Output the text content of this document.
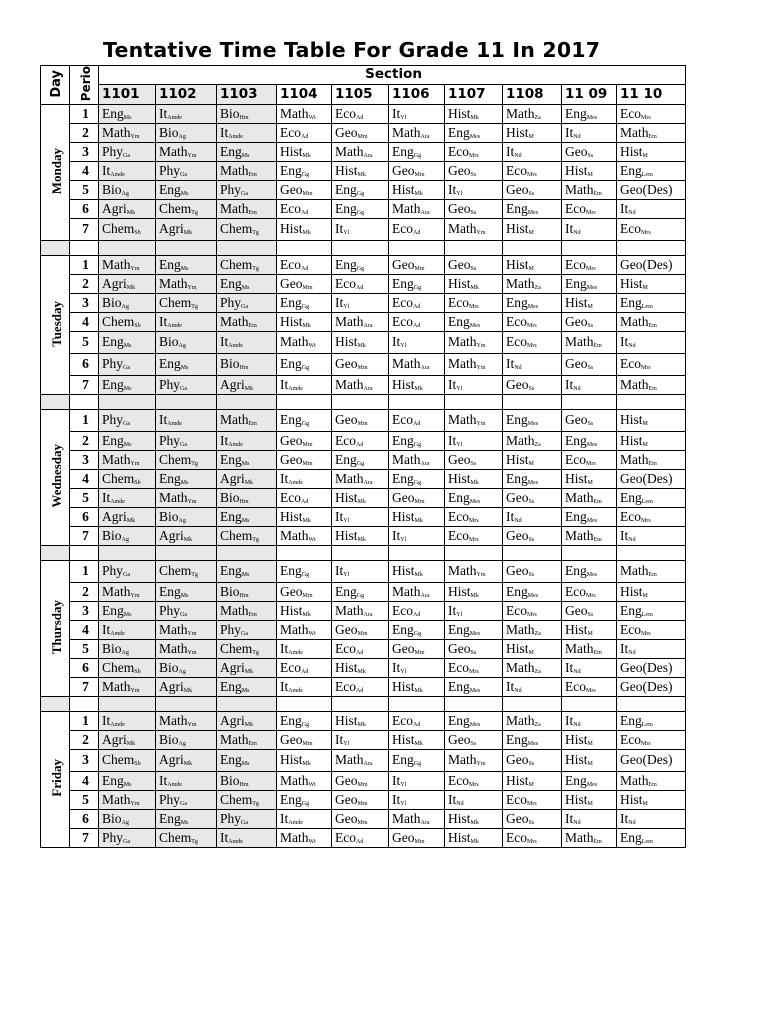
Tentative Time Table For Grade 11 In 2017
Day	Perio	Section									
		1101	1102	1103	1104	1105	1106	1107	1108	11 09	11 10
Monday	1	Eng$_{Ms}$	$It_{Amde}$	Bio$_{Hm}$	Math$_{Wt}$	Eco$_{Ad}$	$It_{Yl}$	Hist$_{Mk}$	Math$_{Za}$	Eng$_{Mes}$	Eco$_{Mrs}$
	2	Math$_{Ym}$	Bio$_{Ag}$	$It_{Amde}$	Eco$_{Ad}$	Geo$_{Mm}$	Math$_{Ara}$	Eng$_{Mes}$	Hist$_M$	$It_{Nd}$	Math$_{Em}$
	3	Phy$_{Ga}$	Math$_{Ym}$	Eng$_{Ms}$	Hist$_{Mk}$	Math$_{Ara}$	Eng$_{Gg}$	Eco$_{Mrs}$	$It_{Nd}$	Geo$_{Ss}$	Hist$_M$
	4	$It_{Amde}$	Phy$_{Ga}$	Math$_{Em}$	Eng$_{Gg}$	Hist$_{Mk}$	Geo$_{Mm}$	Geo$_{Ss}$	Eco$_{Mrs}$	Hist$_M$	Eng$_{Lem}$
	5	Bio$_{Ag}$	Eng$_{Ms}$	Phy$_{Ga}$	Geo$_{Mm}$	Eng$_{Gg}$	Hist$_{Mk}$	$It_{Yl}$	Geo$_{Ss}$	Math$_{Em}$	Geo(Des)
	6	Agri$_{Mk}$	Chem$_{Tg}$	Math$_{Em}$	Eco$_{Ad}$	Eng$_{Gg}$	Math$_{Ara}$	Geo$_{Ss}$	Eng$_{Mes}$	Eco$_{Mrs}$	$It_{Nd}$
	7	Chem$_{Sb}$	Agri$_{Mk}$	Chem$_{Tg}$	Hist$_{Mk}$	$It_{Yl}$	Eco$_{Ad}$	Math$_{Ym}$	Hist$_M$	$It_{Nd}$	Eco$_{Mrs}$

Tuesday	1	Math$_{Ym}$	Eng$_{Ms}$	Chem$_{Tg}$	Eco$_{Ad}$	Eng$_{Gg}$	Geo$_{Mm}$	Geo$_{Ss}$	Hist$_M$	Eco$_{Mrs}$	Geo(Des)
	2	Agri$_{Mk}$	Math$_{Ym}$	Eng$_{Ms}$	Geo$_{Mm}$	Eco$_{Ad}$	Eng$_{Gg}$	Hist$_{Mk}$	Math$_{Za}$	Eng$_{Mes}$	Hist$_M$
	3	Bio$_{Ag}$	Chem$_{Tg}$	Phy$_{Ga}$	Eng$_{Gg}$	$It_{Yl}$	Eco$_{Ad}$	Eco$_{Mrs}$	Eng$_{Mes}$	Hist$_M$	Eng$_{Lem}$
	4	Chem$_{Sb}$	$It_{Amde}$	Math$_{Em}$	Hist$_{Mk}$	Math$_{Ara}$	Eco$_{Ad}$	Eng$_{Mes}$	Eco$_{Mrs}$	Geo$_{Ss}$	Math$_{Em}$
	5	Eng$_{Ms}$	Bio$_{Ag}$	$It_{Amde}$	Math$_{Wt}$	Hist$_{Mk}$	$It_{Yl}$	Math$_{Ym}$	Eco$_{Mrs}$	Math$_{Em}$	$It_{Nd}$
	6	Phy$_{Ga}$	Eng$_{Ms}$	Bio$_{Hm}$	Eng$_{Gg}$	Geo$_{Mm}$	Math$_{Ara}$	Math$_{Ym}$	$It_{Nd}$	Geo$_{Ss}$	Eco$_{Mrs}$
	7	Eng$_{Ms}$	Phy$_{Ga}$	Agri$_{Mk}$	$It_{Amde}$	Math$_{Ara}$	Hist$_{Mk}$	$It_{Yl}$	Geo$_{Ss}$	$It_{Nd}$	Math$_{Em}$

Wednesday	1	Phy$_{Ga}$	$It_{Amde}$	Math$_{Em}$	Eng$_{Gg}$	Geo$_{Mm}$	Eco$_{Ad}$	Math$_{Ym}$	Eng$_{Mes}$	Geo$_{Ss}$	Hist$_M$
	2	Eng$_{Ms}$	Phy$_{Ga}$	$It_{Amde}$	Geo$_{Mm}$	Eco$_{Ad}$	Eng$_{Gg}$	$It_{Yl}$	Math$_{Za}$	Eng$_{Mes}$	Hist$_M$
	3	Math$_{Ym}$	Chem$_{Tg}$	Eng$_{Ms}$	Geo$_{Mm}$	Eng$_{Gg}$	Math$_{Ara}$	Geo$_{Ss}$	Hist$_M$	Eco$_{Mrs}$	Math$_{Em}$
	4	Chem$_{Sb}$	Eng$_{Ms}$	Agri$_{Mk}$	$It_{Amde}$	Math$_{Ara}$	Eng$_{Gg}$	Hist$_{Mk}$	Eng$_{Mes}$	Hist$_M$	Geo(Des)
	5	$It_{Amde}$	Math$_{Ym}$	Bio$_{Hm}$	Eco$_{Ad}$	Hist$_{Mk}$	Geo$_{Mm}$	Eng$_{Mes}$	Geo$_{Ss}$	Math$_{Em}$	Eng$_{Lem}$
	6	Agri$_{Mk}$	Bio$_{Ag}$	Eng$_{Ms}$	Hist$_{Mk}$	$It_{Yl}$	Hist$_{Mk}$	Eco$_{Mrs}$	$It_{Nd}$	Eng$_{Mes}$	Eco$_{Mrs}$
	7	Bio$_{Ag}$	Agri$_{Mk}$	Chem$_{Tg}$	Math$_{Wt}$	Hist$_{Mk}$	$It_{Yl}$	Eco$_{Mrs}$	Geo$_{Ss}$	Math$_{Em}$	$It_{Nd}$

Thursday	1	Phy$_{Ga}$	Chem$_{Tg}$	Eng$_{Ms}$	Eng$_{Gg}$	$It_{Yl}$	Hist$_{Mk}$	Math$_{Ym}$	Geo$_{Ss}$	Eng$_{Mes}$	Math$_{Em}$
	2	Math$_{Ym}$	Eng$_{Ms}$	Bio$_{Hm}$	Geo$_{Mm}$	Eng$_{Gg}$	Math$_{Ara}$	Hist$_{Mk}$	Eng$_{Mes}$	Eco$_{Mrs}$	Hist$_M$
	3	Eng$_{Ms}$	Phy$_{Ga}$	Math$_{Em}$	Hist$_{Mk}$	Math$_{Ara}$	Eco$_{Ad}$	$It_{Yl}$	Eco$_{Mrs}$	Geo$_{Ss}$	Eng$_{Lem}$
	4	$It_{Amde}$	Math$_{Ym}$	Phy$_{Ga}$	Math$_{Wt}$	Geo$_{Mm}$	Eng$_{Gg}$	Eng$_{Mes}$	Math$_{Za}$	Hist$_M$	Eco$_{Mrs}$
	5	Bio$_{Ag}$	Math$_{Ym}$	Chem$_{Tg}$	$It_{Amde}$	Eco$_{Ad}$	Geo$_{Mm}$	Geo$_{Ss}$	Hist$_M$	Math$_{Em}$	$It_{Nd}$
	6	Chem$_{Sb}$	Bio$_{Ag}$	Agri$_{Mk}$	Eco$_{Ad}$	Hist$_{Mk}$	$It_{Yl}$	Eco$_{Mrs}$	Math$_{Za}$	$It_{Nd}$	Geo(Des)
	7	Math$_{Ym}$	Agri$_{Mk}$	Eng$_{Ms}$	$It_{Amde}$	Eco$_{Ad}$	Hist$_{Mk}$	Eng$_{Mes}$	$It_{Nd}$	Eco$_{Mrs}$	Geo(Des)

Friday	1	$It_{Amde}$	Math$_{Ym}$	Agri$_{Mk}$	Eng$_{Gg}$	Hist$_{Mk}$	Eco$_{Ad}$	Eng$_{Mes}$	Math$_{Za}$	$It_{Nd}$	Eng$_{Lem}$
	2	Agri$_{Mk}$	Bio$_{Ag}$	Math$_{Em}$	Geo$_{Mm}$	$It_{Yl}$	Hist$_{Mk}$	Geo$_{Ss}$	Eng$_{Mes}$	Hist$_M$	Eco$_{Mrs}$
	3	Chem$_{Sb}$	Agri$_{Mk}$	Eng$_{Ms}$	Hist$_{Mk}$	Math$_{Ara}$	Eng$_{Gg}$	Math$_{Ym}$	Geo$_{Ss}$	Hist$_M$	Geo(Des)
	4	Eng$_{Ms}$	$It_{Amde}$	Bio$_{Hm}$	Math$_{Wt}$	Geo$_{Mm}$	$It_{Yl}$	Eco$_{Mrs}$	Hist$_M$	Eng$_{Mes}$	Math$_{Em}$
	5	Math$_{Ym}$	Phy$_{Ga}$	Chem$_{Tg}$	Eng$_{Gg}$	Geo$_{Mm}$	$It_{Yl}$	$It_{Nd}$	Eco$_{Mrs}$	Hist$_M$	Hist$_M$
	6	Bio$_{Ag}$	Eng$_{Ms}$	Phy$_{Ga}$	$It_{Amde}$	Geo$_{Mm}$	Math$_{Ara}$	Hist$_{Mk}$	Geo$_{Ss}$	$It_{Nd}$	$It_{Nd}$
	7	Phy$_{Ga}$	Chem$_{Tg}$	$It_{Amde}$	Math$_{Wt}$	Eco$_{Ad}$	Geo$_{Mm}$	Hist$_{Mk}$	Eco$_{Mrs}$	Math$_{Em}$	Eng$_{Lem}$
